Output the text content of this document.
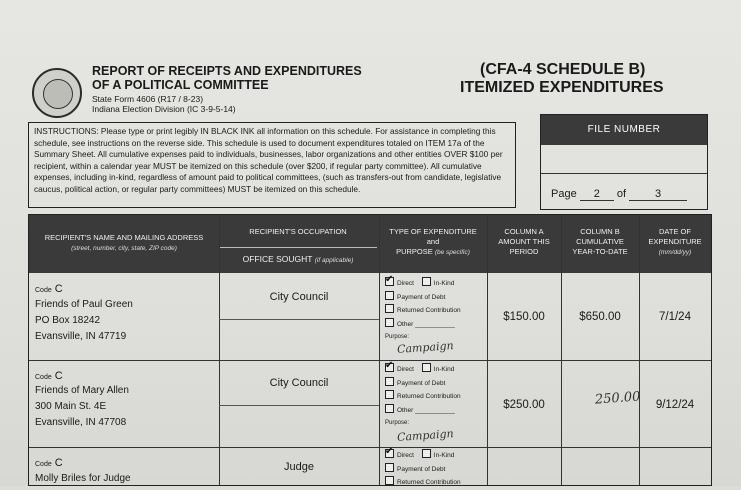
REPORT OF RECEIPTS AND EXPENDITURES
OF A POLITICAL COMMITTEE
State Form 4606 (R17 / 8-23)
Indiana Election Division (IC 3-9-5-14)
(CFA-4 SCHEDULE B)
ITEMIZED EXPENDITURES
INSTRUCTIONS: Please type or print legibly IN BLACK INK all information on this schedule. For assistance in completing this schedule, see instructions on the reverse side. This schedule is used to document expenditures totaled on ITEM 17a of the Summary Sheet. All cumulative expenses paid to individuals, businesses, labor organizations and other entities OVER $100 per recipient, within a calendar year MUST be itemized on this schedule (over $200, if regular party committee). All cumulative expenses, including in-kind, regardless of amount paid to political committees, (such as transfers-out from candidate, legislative caucus, political action, or regular party committees) MUST be itemized on this schedule.
FILE NUMBER
Page 2 of	3
RECIPIENT'S NAME AND MAILING ADDRESS
(street, number, city, state, ZIP code)
RECIPIENT'S OCCUPATION
OFFICE SOUGHT (if applicable)
TYPE OF EXPENDITURE
and
PURPOSE (be specific)
COLUMN A
AMOUNT THIS
PERIOD
COLUMN B
CUMULATIVE
YEAR-TO-DATE
DATE OF
EXPENDITURE
(mm/dd/yy)
Code C
Friends of Paul Green
PO Box 18242
Evansville, IN 47719
City Council
✔Direct	In-Kind
Payment of Debt
Returned Contribution
Other ___________
Purpose:
Campaign
$150.00	$650.00	7/1/24
Code C
Friends of Mary Allen
300 Main St. 4E
Evansville, IN 47708
City Council
✔Direct	In-Kind
Payment of Debt
Returned Contribution
Other ___________
Purpose:
Campaign
$250.00	250.00	9/12/24
Code C
Molly Briles for Judge
Judge
✔Direct	In-Kind
Payment of Debt
Returned Contribution
